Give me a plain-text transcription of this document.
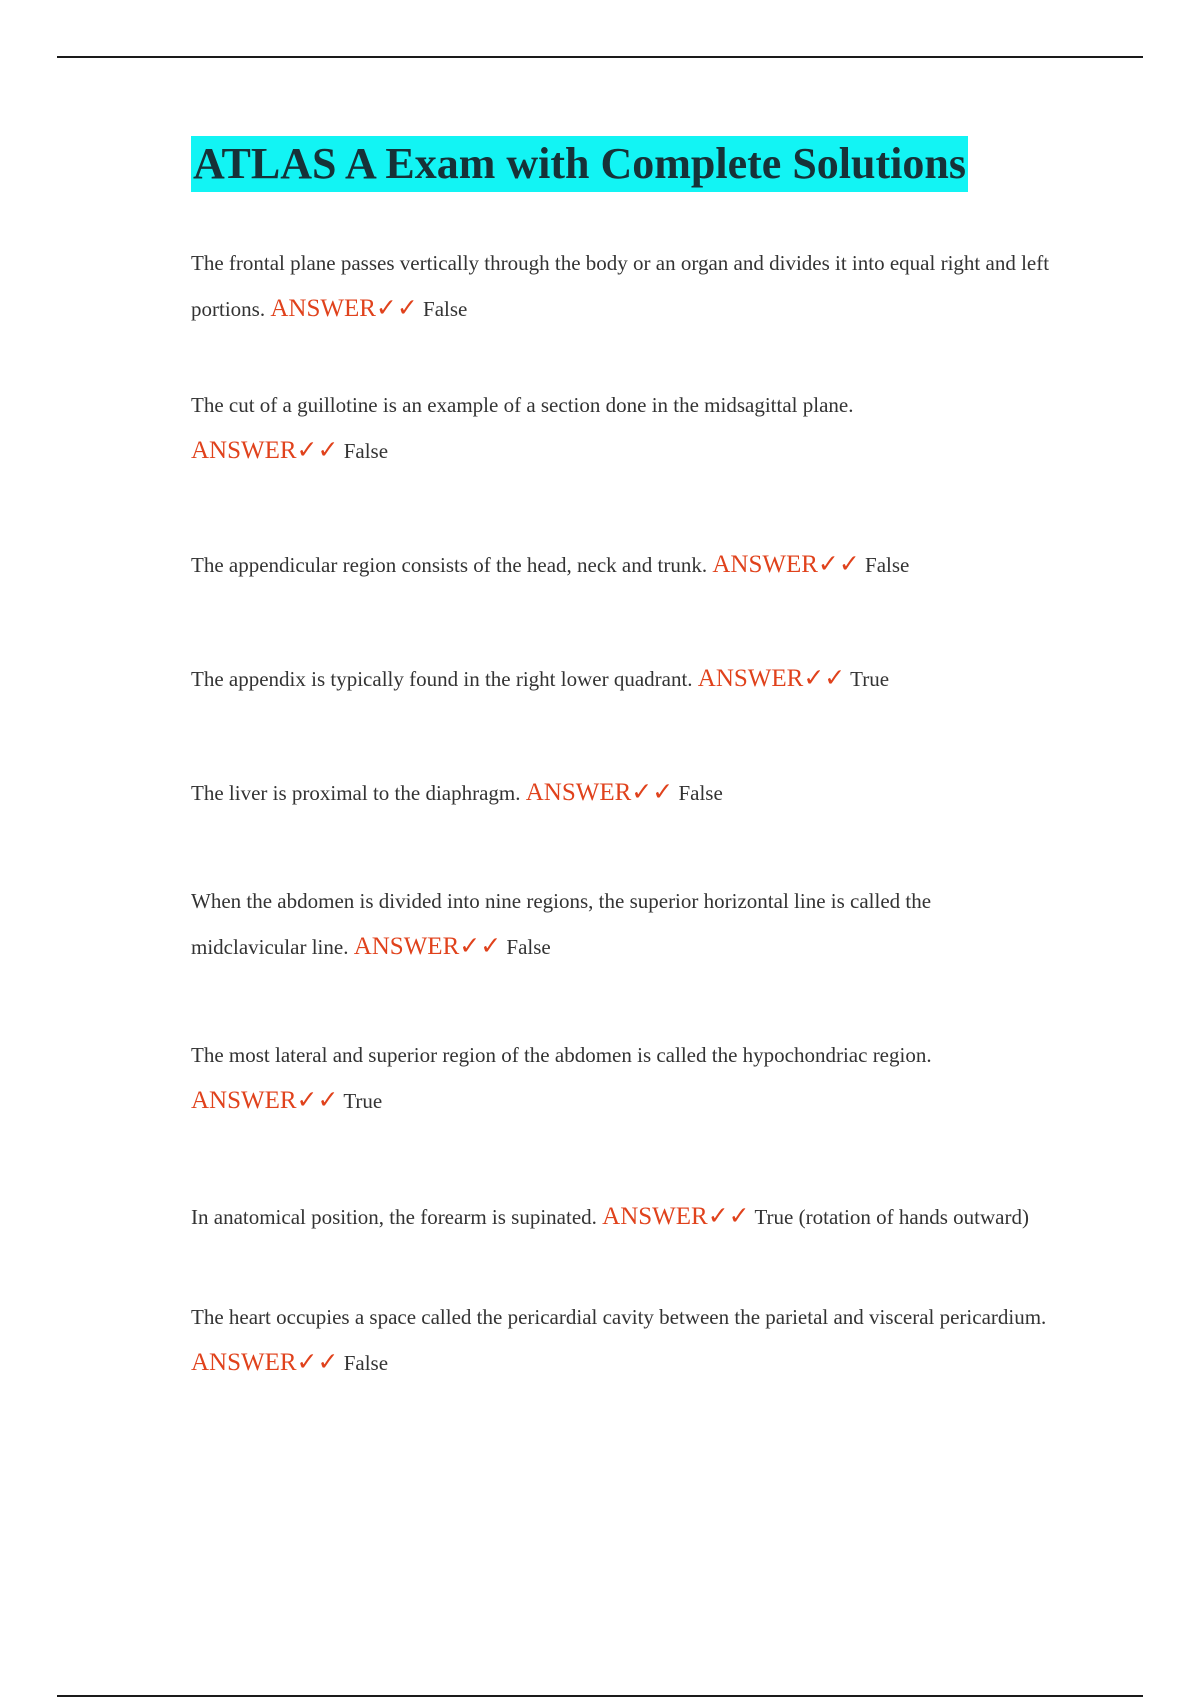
ATLAS A Exam with Complete Solutions

The frontal plane passes vertically through the body or an organ and divides it into equal right and left portions. ANSWER✓✓ False

The cut of a guillotine is an example of a section done in the midsagittal plane.
ANSWER✓✓ False

The appendicular region consists of the head, neck and trunk. ANSWER✓✓ False

The appendix is typically found in the right lower quadrant. ANSWER✓✓ True

The liver is proximal to the diaphragm. ANSWER✓✓ False

When the abdomen is divided into nine regions, the superior horizontal line is called the midclavicular line. ANSWER✓✓ False

The most lateral and superior region of the abdomen is called the hypochondriac region.
ANSWER✓✓ True

In anatomical position, the forearm is supinated. ANSWER✓✓ True (rotation of hands outward)

The heart occupies a space called the pericardial cavity between the parietal and visceral pericardium. ANSWER✓✓ False
